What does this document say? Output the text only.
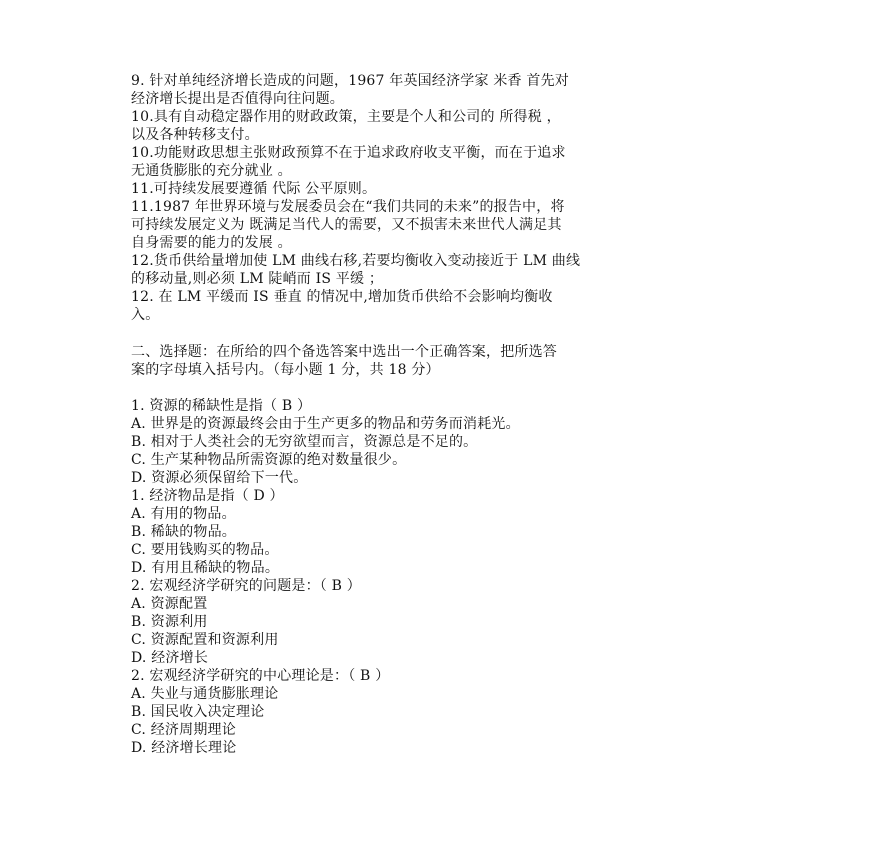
9. 针对单纯经济增长造成的问题，1967 年英国经济学家 米香 首先对
经济增长提出是否值得向往问题。
10.具有自动稳定器作用的财政政策，主要是个人和公司的 所得税 ，
以及各种转移支付。
10.功能财政思想主张财政预算不在于追求政府收支平衡，而在于追求
无通货膨胀的充分就业 。
11.可持续发展要遵循 代际 公平原则。
11.1987 年世界环境与发展委员会在“我们共同的未来”的报告中，将
可持续发展定义为 既满足当代人的需要，又不损害未来世代人满足其
自身需要的能力的发展 。
12.货币供给量增加使 LM 曲线右移,若要均衡收入变动接近于 LM 曲线
的移动量,则必须 LM 陡峭而 IS 平缓 ；
12. 在 LM 平缓而 IS 垂直 的情况中,增加货币供给不会影响均衡收
入。
二、选择题：在所给的四个备选答案中选出一个正确答案，把所选答
案的字母填入括号内。（每小题 1 分，共 18 分）
1. 资源的稀缺性是指（ B ）
A. 世界是的资源最终会由于生产更多的物品和劳务而消耗光。
B. 相对于人类社会的无穷欲望而言，资源总是不足的。
C. 生产某种物品所需资源的绝对数量很少。
D. 资源必须保留给下一代。
1. 经济物品是指（ D ）
A. 有用的物品。
B. 稀缺的物品。
C. 要用钱购买的物品。
D. 有用且稀缺的物品。
2. 宏观经济学研究的问题是：（ B ）
A. 资源配置
B. 资源利用
C. 资源配置和资源利用
D. 经济增长
2. 宏观经济学研究的中心理论是：（ B ）
A. 失业与通货膨胀理论
B. 国民收入决定理论
C. 经济周期理论
D. 经济增长理论
